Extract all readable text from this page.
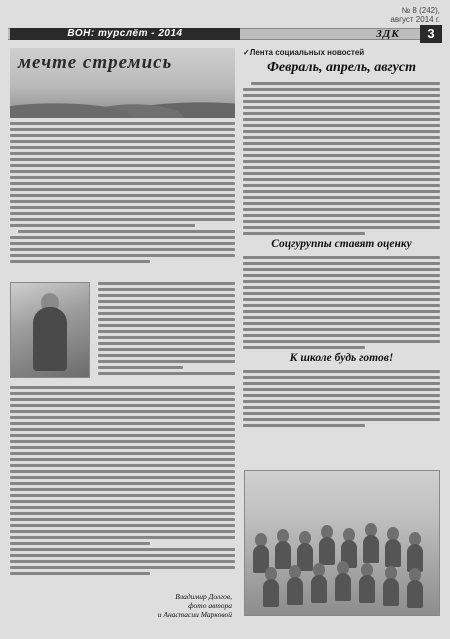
№ 8 (242),
август 2014 г.
ВОН: турслёт - 2014	ЗДК	3
мечте стремись
Владимир Долгов,
фото автора
и Анастасии Марковой
✓Лента социальных новостей
Февраль, апрель, август
Соцгуруппы ставят оценку
К школе будь готов!
